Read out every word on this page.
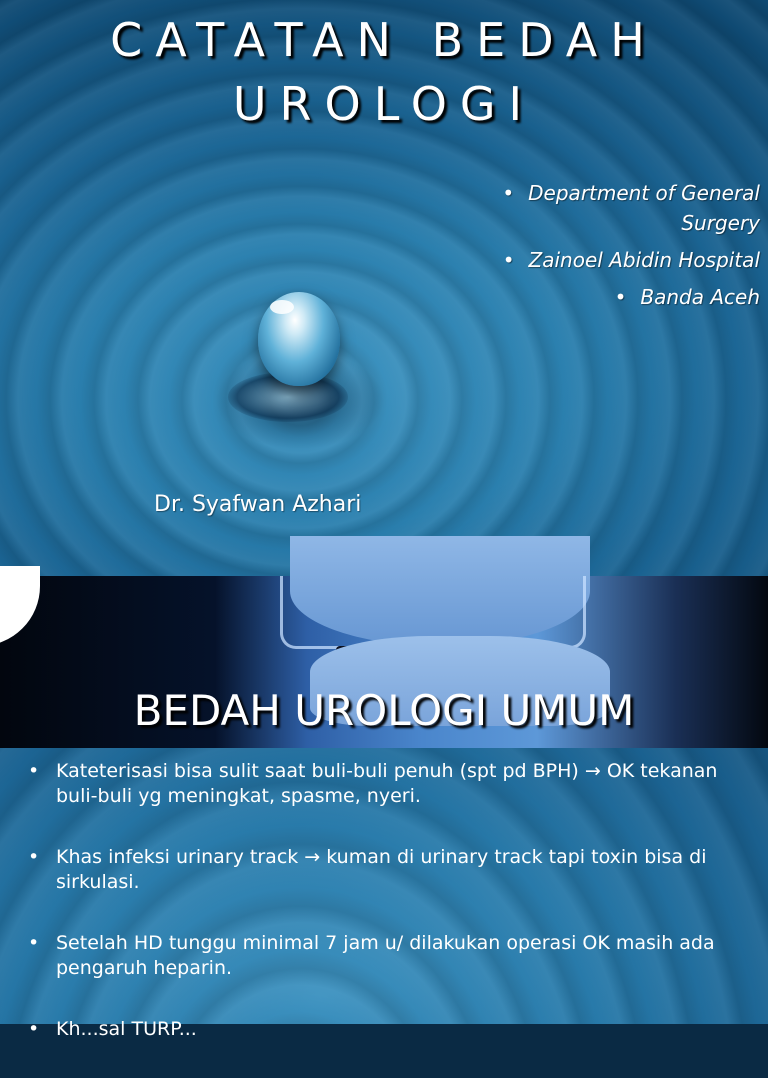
CATATAN BEDAH
UROLOGI
• Department of General Surgery
• Zainoel Abidin Hospital
• Banda Aceh
Dr. Syafwan Azhari
BEDAH UROLOGI UMUM
• Kateterisasi bisa sulit saat buli-buli penuh (spt pd BPH) → OK tekanan buli-buli yg meningkat, spasme, nyeri.
• Khas infeksi urinary track → kuman di urinary track tapi toxin bisa di sirkulasi.
• Setelah HD tunggu minimal 7 jam u/ dilakukan operasi OK masih ada pengaruh heparin.
• Kh...sal TURP...
